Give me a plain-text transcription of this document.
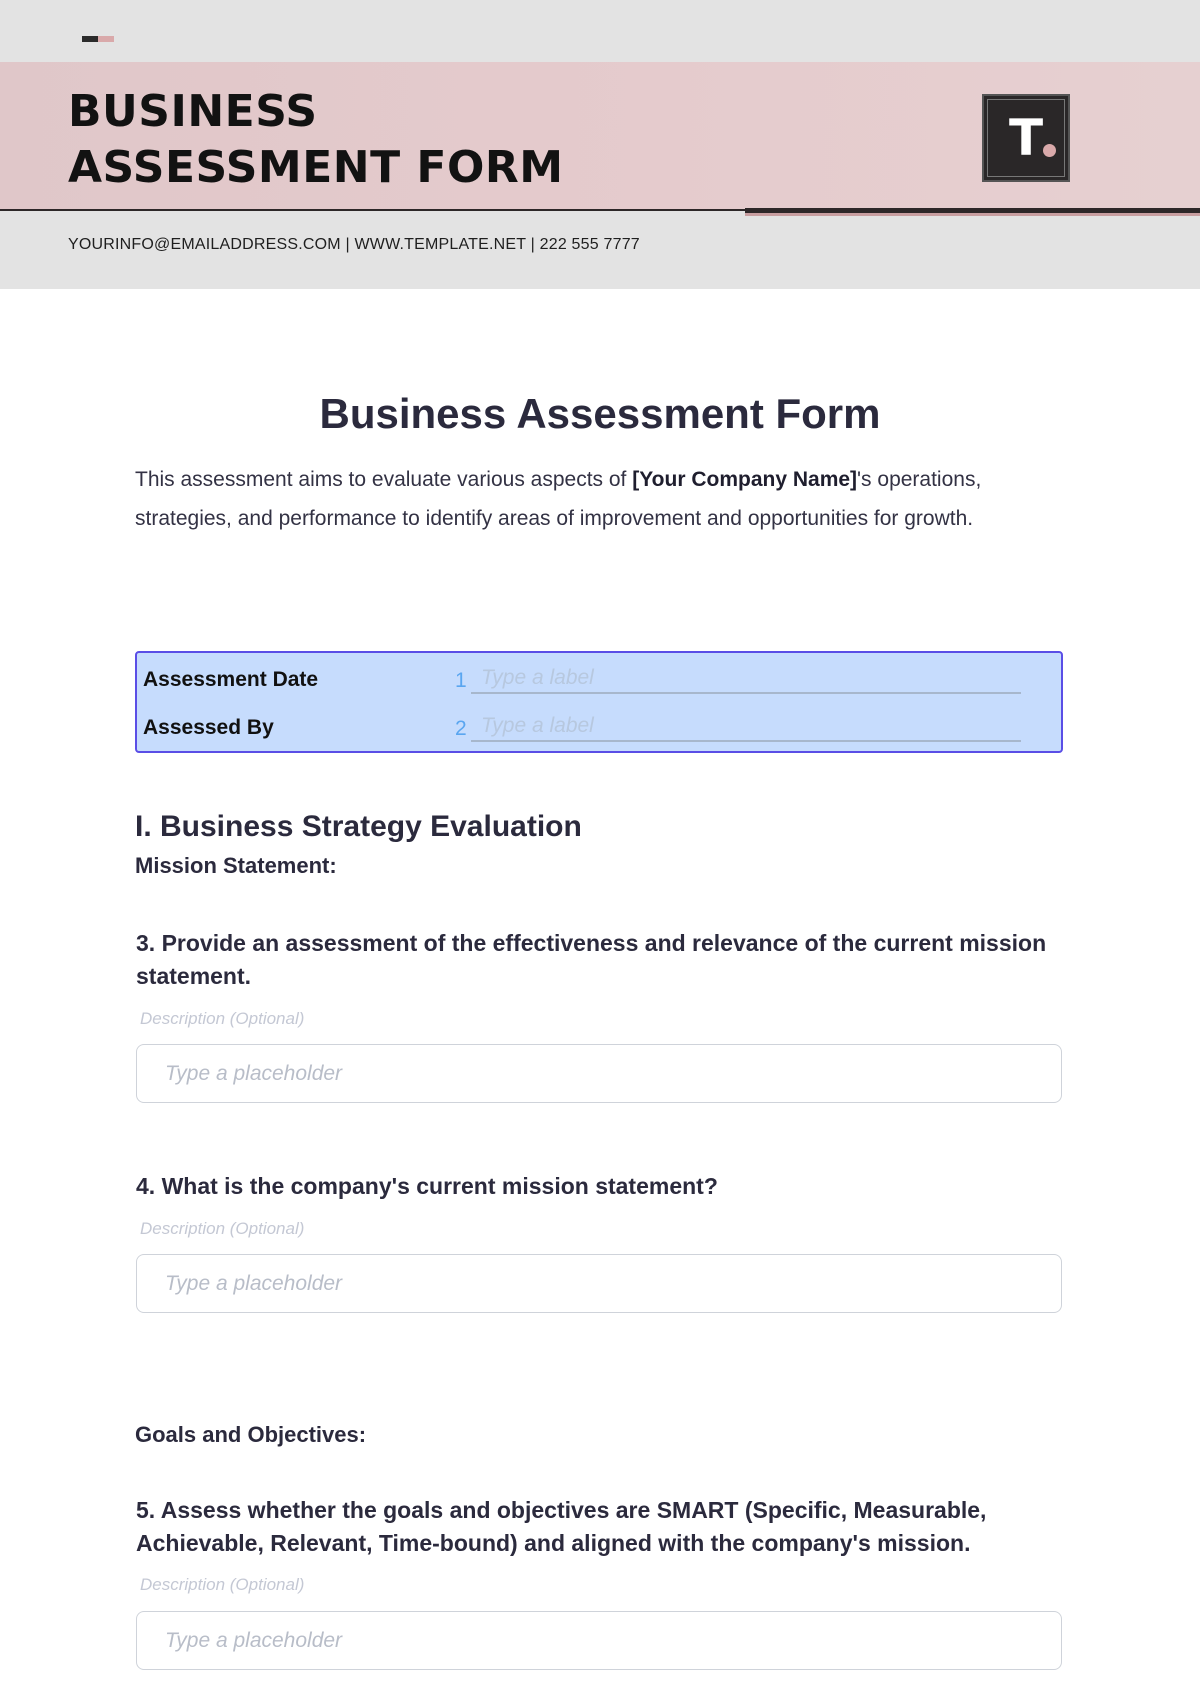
BUSINESS
ASSESSMENT FORM
T
YOURINFO@EMAILADDRESS.COM | WWW.TEMPLATE.NET | 222 555 7777
Business Assessment Form

This assessment aims to evaluate various aspects of [Your Company Name]'s operations, strategies, and performance to identify areas of improvement and opportunities for growth.

Assessment Date	1
Type a label
Assessed By	2
Type a label
I. Business Strategy Evaluation
Mission Statement:

3. Provide an assessment of the effectiveness and relevance of the current mission statement.

Description (Optional)
Type a placeholder

4. What is the company's current mission statement?

Description (Optional)
Type a placeholder
Goals and Objectives:

5. Assess whether the goals and objectives are SMART (Specific, Measurable, Achievable, Relevant, Time-bound) and aligned with the company's mission.

Description (Optional)
Type a placeholder
